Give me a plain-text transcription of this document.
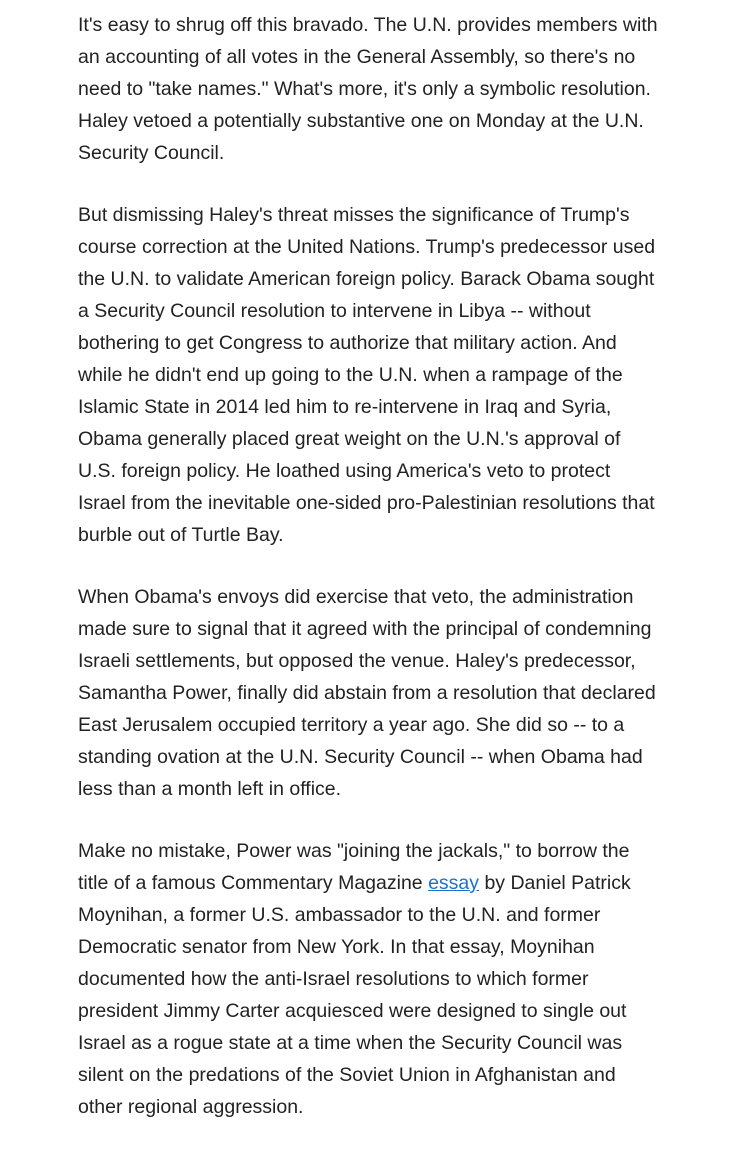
It's easy to shrug off this bravado. The U.N. provides members with
an accounting of all votes in the General Assembly, so there's no
need to "take names." What's more, it's only a symbolic resolution.
Haley vetoed a potentially substantive one on Monday at the U.N.
Security Council.

But dismissing Haley's threat misses the significance of Trump's
course correction at the United Nations. Trump's predecessor used
the U.N. to validate American foreign policy. Barack Obama sought
a Security Council resolution to intervene in Libya -- without
bothering to get Congress to authorize that military action. And
while he didn't end up going to the U.N. when a rampage of the
Islamic State in 2014 led him to re-intervene in Iraq and Syria,
Obama generally placed great weight on the U.N.'s approval of
U.S. foreign policy. He loathed using America's veto to protect
Israel from the inevitable one-sided pro-Palestinian resolutions that
burble out of Turtle Bay.

When Obama's envoys did exercise that veto, the administration
made sure to signal that it agreed with the principal of condemning
Israeli settlements, but opposed the venue. Haley's predecessor,
Samantha Power, finally did abstain from a resolution that declared
East Jerusalem occupied territory a year ago. She did so -- to a
standing ovation at the U.N. Security Council -- when Obama had
less than a month left in office.

Make no mistake, Power was "joining the jackals," to borrow the
title of a famous Commentary Magazine essay by Daniel Patrick
Moynihan, a former U.S. ambassador to the U.N. and former
Democratic senator from New York. In that essay, Moynihan
documented how the anti-Israel resolutions to which former
president Jimmy Carter acquiesced were designed to single out
Israel as a rogue state at a time when the Security Council was
silent on the predations of the Soviet Union in Afghanistan and
other regional aggression.
